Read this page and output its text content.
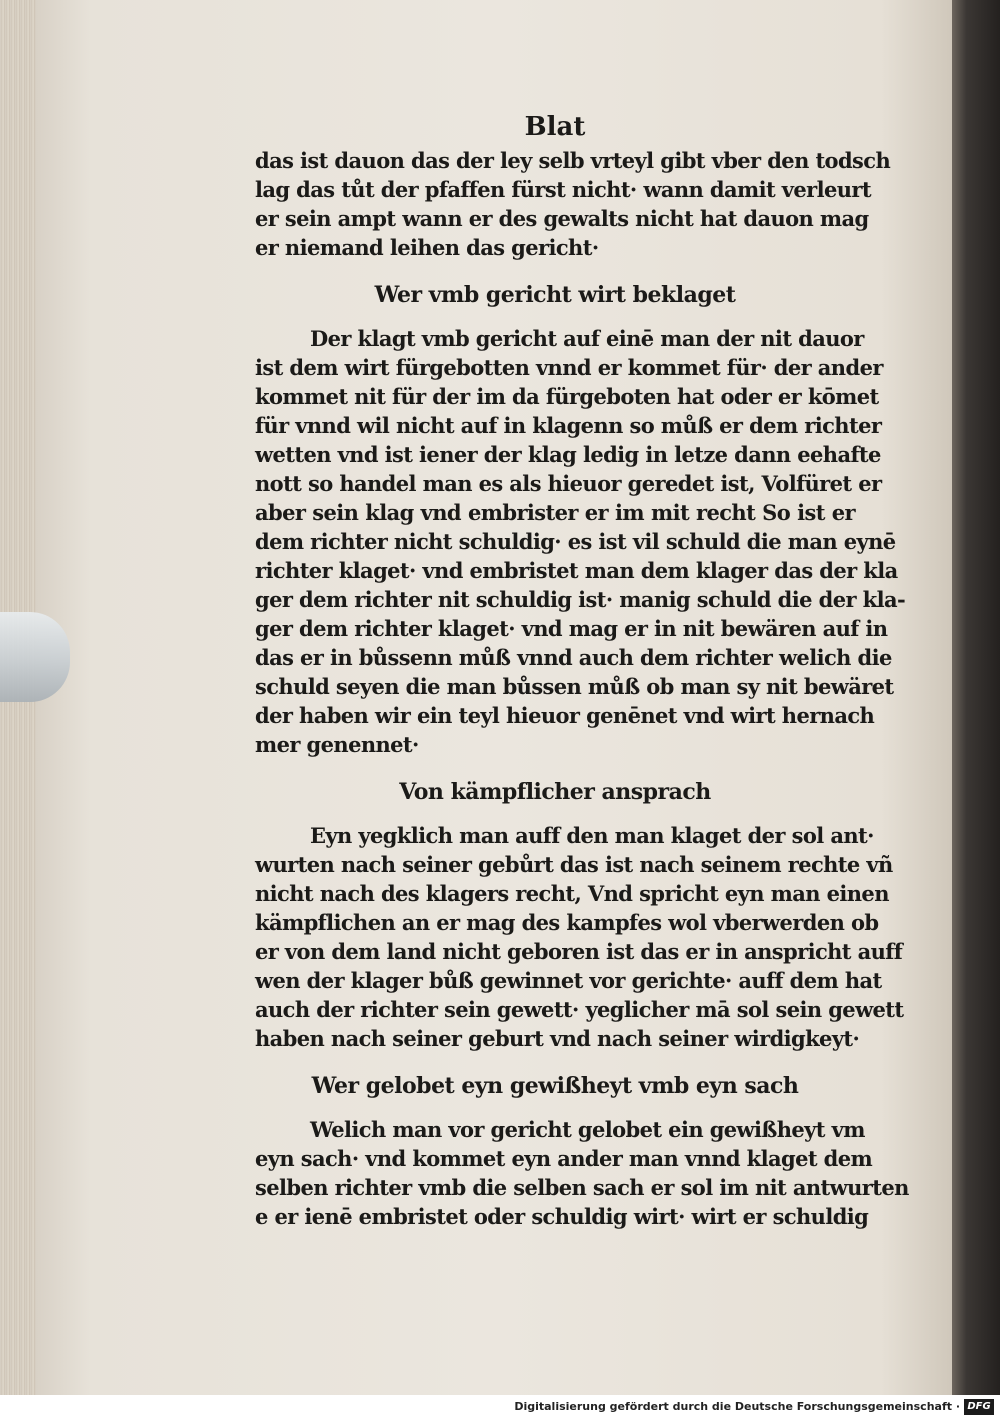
Blat
das ist dauon das der ley selb vrteyl gibt vber den todsch
lag das tůt der pfaffen fürst nicht· wann damit verleurt
er sein ampt wann er des gewalts nicht hat dauon mag
er niemand leihen das gericht·
Wer vmb gericht wirt beklaget
Der klagt vmb gericht auf einē man der nit dauor
ist dem wirt fürgebotten vnnd er kommet für· der ander
kommet nit für der im da fürgeboten hat oder er kōmet
für vnnd wil nicht auf in klagenn so můß er dem richter
wetten vnd ist iener der klag ledig in letze dann eehafte
nott so handel man es als hieuor geredet ist, Volfüret er
aber sein klag vnd embrister er im mit recht So ist er
dem richter nicht schuldig· es ist vil schuld die man eynē
richter klaget· vnd embristet man dem klager das der kla
ger dem richter nit schuldig ist· manig schuld die der kla-
ger dem richter klaget· vnd mag er in nit bewären auf in
das er in bůssenn můß vnnd auch dem richter welich die
schuld seyen die man bůssen můß ob man sy nit bewäret
der haben wir ein teyl hieuor genēnet vnd wirt hernach
mer genennet·
Von kämpflicher ansprach
Eyn yegklich man auff den man klaget der sol ant·
wurten nach seiner gebůrt das ist nach seinem rechte vñ
nicht nach des klagers recht, Vnd spricht eyn man einen
kämpflichen an er mag des kampfes wol vberwerden ob
er von dem land nicht geboren ist das er in anspricht auff
wen der klager bůß gewinnet vor gerichte· auff dem hat
auch der richter sein gewett· yeglicher mā sol sein gewett
haben nach seiner geburt vnd nach seiner wirdigkeyt·
Wer gelobet eyn gewißheyt vmb eyn sach
Welich man vor gericht gelobet ein gewißheyt vm
eyn sach· vnd kommet eyn ander man vnnd klaget dem
selben richter vmb die selben sach er sol im nit antwurten
e er ienē embristet oder schuldig wirt· wirt er schuldig
Digitalisierung gefördert durch die Deutsche Forschungsgemeinschaft · DFG
